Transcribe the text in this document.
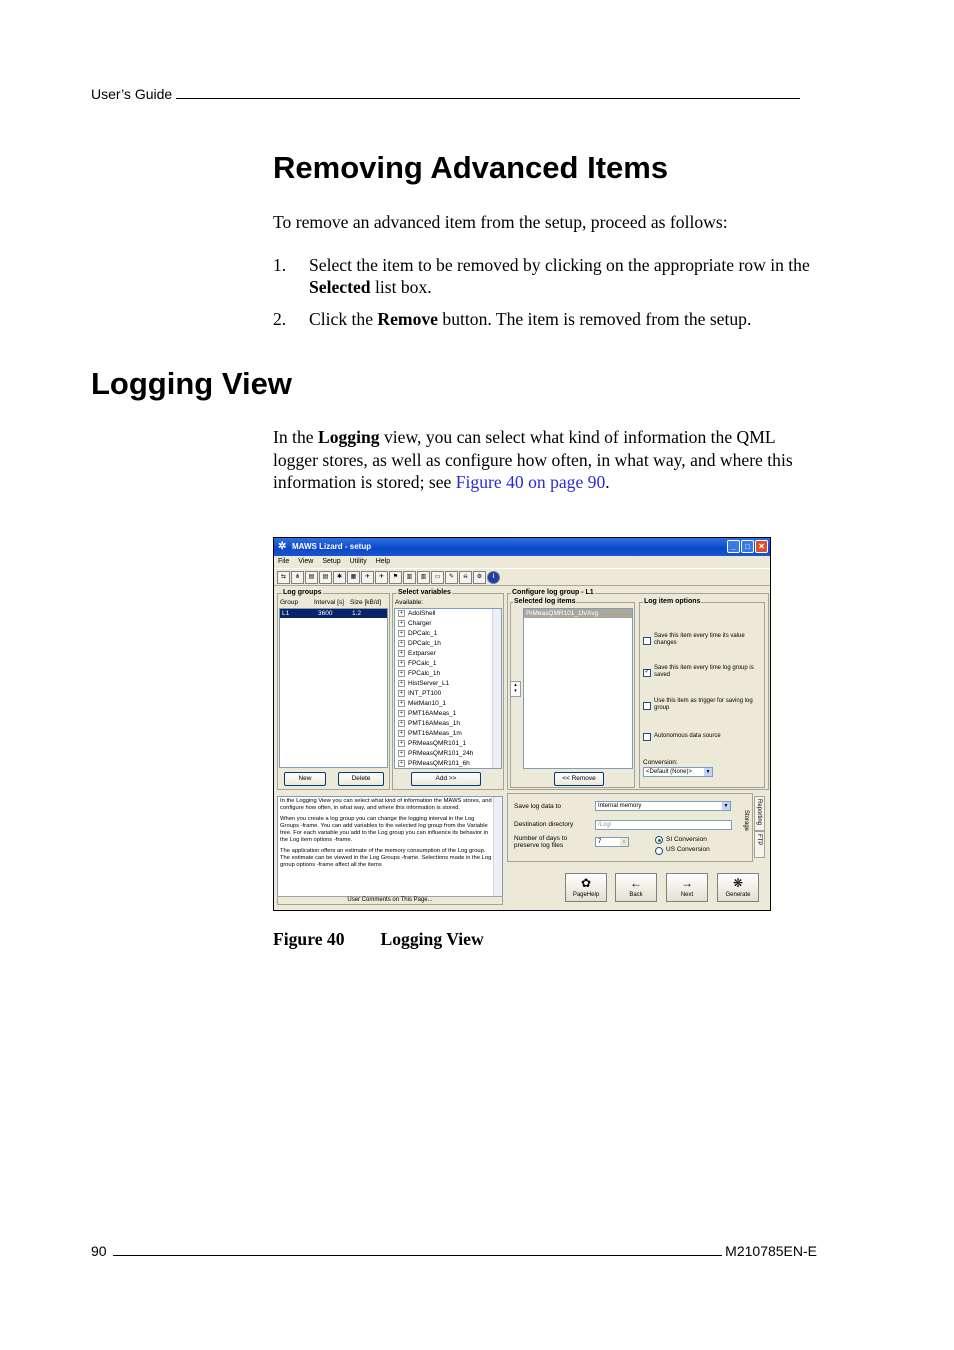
User’s Guide
Removing Advanced Items
To remove an advanced item from the setup, proceed as follows:
1. Select the item to be removed by clicking on the appropriate row in the Selected list box.
2. Click the Remove button. The item is removed from the setup.
Logging View
In the Logging view, you can select what kind of information the QML logger stores, as well as configure how often, in what way, and where this information is stored; see Figure 40 on page 90.
✲ MAWS Lizard - setup	_	□	✕
File View Setup Utility Help
⇆	⋔	▤	▤	✱	▦	✈	✈	⚑	▥	▥	▭	✎	⍾	⚙	i
Log groups
Group Interval [s] Size [kB/d]
L1	3600	1.2
New	Delete
Select variables
Available:
+ AdolShell
+ Charger
+ DPCalc_1
+ DPCalc_1h
+ Extparser
+ FPCalc_1
+ FPCalc_1h
+ HistServer_L1
+ INT_PT100
+ MetMan10_1
+ PMT16AMeas_1
+ PMT16AMeas_1h
+ PMT16AMeas_1m
+ PRMeasQMR101_1
+ PRMeasQMR101_24h
+ PRMeasQMR101_6h
Add >>
Configure log group - L1
Selected log items
PrMeasQMR101_1h/Avg
<< Remove
▴
▾
Log item options
Save this item every time its value changes
✓
Save this item every time log group is saved
Use this item as trigger for saving log group
Autonomous data source
Conversion:
<Default (None)>	▼

In the Logging View you can select what kind of information the MAWS stores, and configure how often, in what way, and where this information is stored.

When you create a log group you can change the logging interval in the Log Groups -frame. You can add variables to the selected log group from the Variable tree. For each variable you add to the Log group you can influence its behavior in the Log item options -frame.

The application offers an estimate of the memory consumption of the Log group. The estimate can be viewed in the Log Groups -frame. Selections made in the Log group options -frame affect all the items

User Comments on This Page...
Save log data to	Internal memory	▼
Destination directory	/Log/
Number of days to preserve log files	7	↕	SI Conversion
US Conversion
Reporting
Storage
FTP
✿
PageHelp
←
Back
→
Next
❋
Generate
Figure 40 Logging View
90	M210785EN-E
